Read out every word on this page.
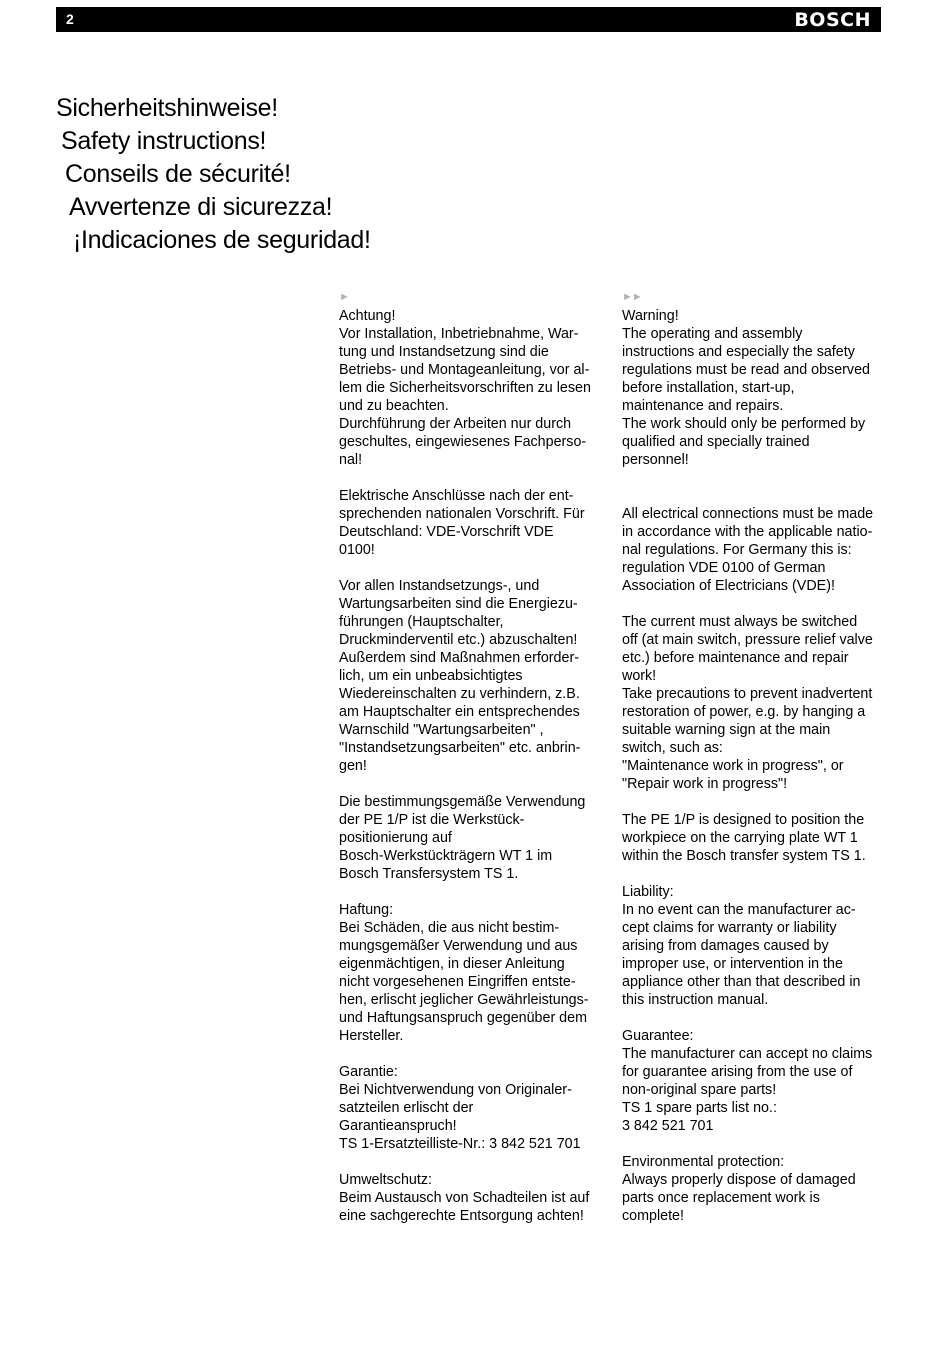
2	BOSCH
Sicherheitshinweise!
Safety instructions!
Conseils de sécurité!
Avvertenze di sicurezza!
¡Indicaciones de seguridad!
►
Achtung!
Vor Installation, Inbetriebnahme, War-
tung und Instandsetzung sind die
Betriebs- und Montageanleitung, vor al-
lem die Sicherheitsvorschriften zu lesen
und zu beachten.
Durchführung der Arbeiten nur durch
geschultes, eingewiesenes Fachperso-
nal!
Elektrische Anschlüsse nach der ent-
sprechenden nationalen Vorschrift. Für
Deutschland: VDE-Vorschrift VDE
0100!
Vor allen Instandsetzungs-, und
Wartungsarbeiten sind die Energiezu-
führungen (Hauptschalter,
Druckminderventil etc.) abzuschalten!
Außerdem sind Maßnahmen erforder-
lich, um ein unbeabsichtigtes
Wiedereinschalten zu verhindern, z.B.
am Hauptschalter ein entsprechendes
Warnschild "Wartungsarbeiten" ,
"Instandsetzungsarbeiten" etc. anbrin-
gen!
Die bestimmungsgemäße Verwendung
der PE 1/P ist die Werkstück-
positionierung auf
Bosch-Werkstückträgern WT 1 im
Bosch Transfersystem TS 1.
Haftung:
Bei Schäden, die aus nicht bestim-
mungsgemäßer Verwendung und aus
eigenmächtigen, in dieser Anleitung
nicht vorgesehenen Eingriffen entste-
hen, erlischt jeglicher Gewährleistungs-
und Haftungsanspruch gegenüber dem
Hersteller.
Garantie:
Bei Nichtverwendung von Originaler-
satzteilen erlischt der
Garantieanspruch!
TS 1-Ersatzteilliste-Nr.: 3 842 521 701
Umweltschutz:
Beim Austausch von Schadteilen ist auf
eine sachgerechte Entsorgung achten!
►►
Warning!
The operating and assembly
instructions and especially the safety
regulations must be read and observed
before installation, start-up,
maintenance and repairs.
The work should only be performed by
qualified and specially trained
personnel!
All electrical connections must be made
in accordance with the applicable natio-
nal regulations. For Germany this is:
regulation VDE 0100 of German
Association of Electricians (VDE)!
The current must always be switched
off (at main switch, pressure relief valve
etc.) before maintenance and repair
work!
Take precautions to prevent inadvertent
restoration of power, e.g. by hanging a
suitable warning sign at the main
switch, such as:
"Maintenance work in progress", or
"Repair work in progress"!
The PE 1/P is designed to position the
workpiece on the carrying plate WT 1
within the Bosch transfer system TS 1.
Liability:
In no event can the manufacturer ac-
cept claims for warranty or liability
arising from damages caused by
improper use, or intervention in the
appliance other than that described in
this instruction manual.
Guarantee:
The manufacturer can accept no claims
for guarantee arising from the use of
non-original spare parts!
TS 1 spare parts list no.:
3 842 521 701
Environmental protection:
Always properly dispose of damaged
parts once replacement work is
complete!
